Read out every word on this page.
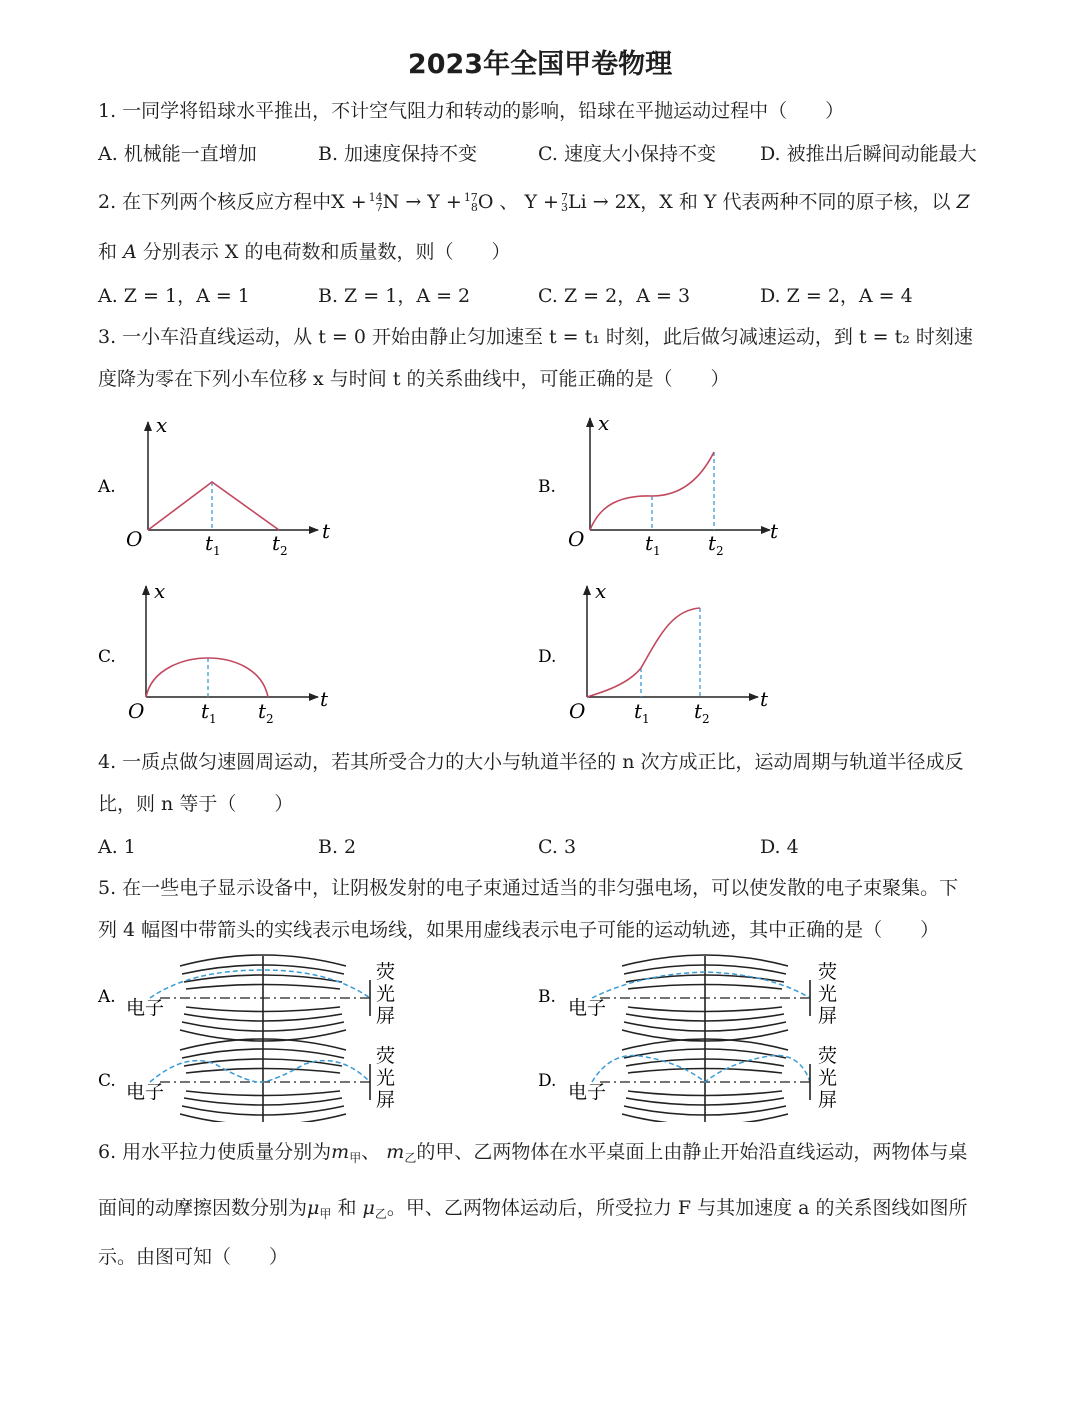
2023年全国甲卷物理
1. 一同学将铅球水平推出，不计空气阻力和转动的影响，铅球在平抛运动过程中（　　）
A. 机械能一直增加	B. 加速度保持不变	C. 速度大小保持不变 D. 被推出后瞬间动能最大
2. 在下列两个核反应方程中X + 14
7 N → Y + 17
8 O 、 Y + 7
3 Li → 2X，X 和 Y 代表两种不同的原子核，以 Z
和 A 分别表示 X 的电荷数和质量数，则（　　）
A. Z = 1，A = 1	B. Z = 1，A = 2	C. Z = 2，A = 3	D. Z = 2，A = 4
3. 一小车沿直线运动，从 t = 0 开始由静止匀加速至 t = t₁ 时刻，此后做匀减速运动，到 t = t₂ 时刻速
度降为零在下列小车位移 x 与时间 t 的关系曲线中，可能正确的是（　　）
A.
x
t
O	$t_1$	$t_2$
B.
x
t
O	$t_1$ $t_2$
C.
x
t
O	$t_1$ $t_2$
D.
x
t
O $t_1$ $t_2$
4. 一质点做匀速圆周运动，若其所受合力的大小与轨道半径的 n 次方成正比，运动周期与轨道半径成反
比，则 n 等于（　　）
A. 1	B. 2	C. 3	D. 4
5. 在一些电子显示设备中，让阴极发射的电子束通过适当的非匀强电场，可以使发散的电子束聚集。下
列 4 幅图中带箭头的实线表示电场线，如果用虚线表示电子可能的运动轨迹，其中正确的是（　　）
A. 电子
荧
光
屏
B. 电子
荧
光
屏
C. 电子
荧
光
屏
D. 电子
荧
光
屏
6. 用水平拉力使质量分别为$m_甲$、 $m_乙$的甲、乙两物体在水平桌面上由静止开始沿直线运动，两物体与桌
面间的动摩擦因数分别为$\mu_甲$ 和 $\mu_乙$。甲、乙两物体运动后，所受拉力 F 与其加速度 a 的关系图线如图所
示。由图可知（　　）
